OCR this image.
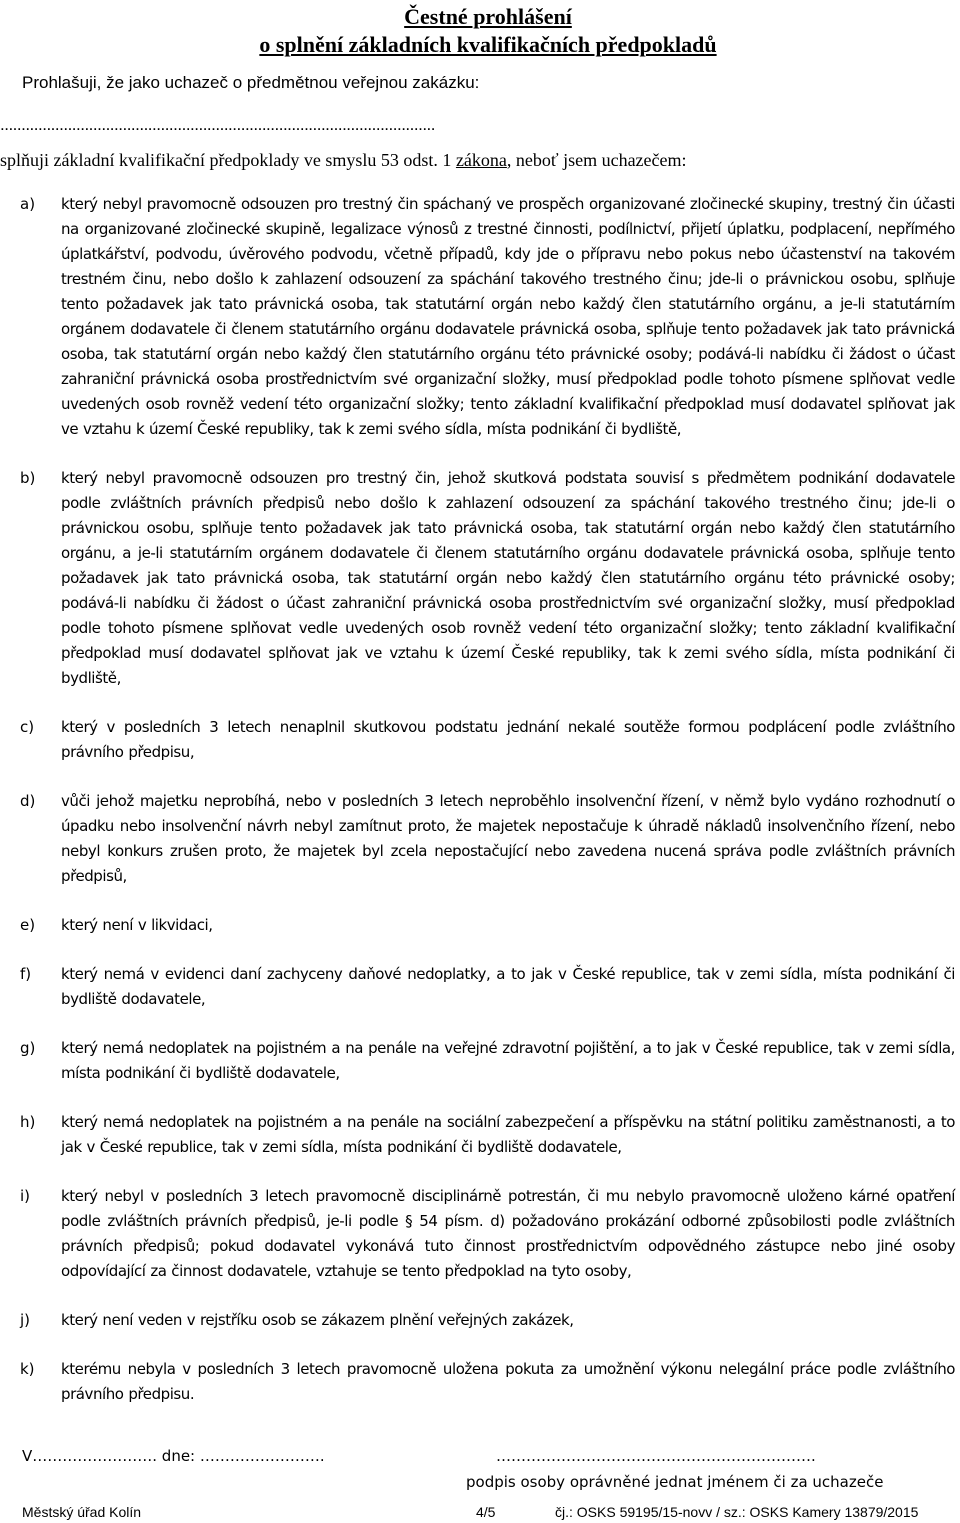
Čestné prohlášení
o splnění základních kvalifikačních předpokladů
Prohlašuji, že jako uchazeč o předmětnou veřejnou zakázku:
.......................................................................................................
splňuji základní kvalifikační předpoklady ve smyslu 53 odst. 1 zákona, neboť jsem uchazečem:
a) který nebyl pravomocně odsouzen pro trestný čin spáchaný ve prospěch organizované zločinecké skupiny, trestný čin účasti na organizované zločinecké skupině, legalizace výnosů z trestné činnosti, podílnictví, přijetí úplatku, podplacení, nepřímého úplatkářství, podvodu, úvěrového podvodu, včetně případů, kdy jde o přípravu nebo pokus nebo účastenství na takovém trestném činu, nebo došlo k zahlazení odsouzení za spáchání takového trestného činu; jde-li o právnickou osobu, splňuje tento požadavek jak tato právnická osoba, tak statutární orgán nebo každý člen statutárního orgánu, a je-li statutárním orgánem dodavatele či členem statutárního orgánu dodavatele právnická osoba, splňuje tento požadavek jak tato právnická osoba, tak statutární orgán nebo každý člen statutárního orgánu této právnické osoby; podává-li nabídku či žádost o účast zahraniční právnická osoba prostřednictvím své organizační složky, musí předpoklad podle tohoto písmene splňovat vedle uvedených osob rovněž vedení této organizační složky; tento základní kvalifikační předpoklad musí dodavatel splňovat jak ve vztahu k území České republiky, tak k zemi svého sídla, místa podnikání či bydliště,
b) který nebyl pravomocně odsouzen pro trestný čin, jehož skutková podstata souvisí s předmětem podnikání dodavatele podle zvláštních právních předpisů nebo došlo k zahlazení odsouzení za spáchání takového trestného činu; jde-li o právnickou osobu, splňuje tento požadavek jak tato právnická osoba, tak statutární orgán nebo každý člen statutárního orgánu, a je-li statutárním orgánem dodavatele či členem statutárního orgánu dodavatele právnická osoba, splňuje tento požadavek jak tato právnická osoba, tak statutární orgán nebo každý člen statutárního orgánu této právnické osoby; podává-li nabídku či žádost o účast zahraniční právnická osoba prostřednictvím své organizační složky, musí předpoklad podle tohoto písmene splňovat vedle uvedených osob rovněž vedení této organizační složky; tento základní kvalifikační předpoklad musí dodavatel splňovat jak ve vztahu k území České republiky, tak k zemi svého sídla, místa podnikání či bydliště,
c) který v posledních 3 letech nenaplnil skutkovou podstatu jednání nekalé soutěže formou podplácení podle zvláštního právního předpisu,
d) vůči jehož majetku neprobíhá, nebo v posledních 3 letech neproběhlo insolvenční řízení, v němž bylo vydáno rozhodnutí o úpadku nebo insolvenční návrh nebyl zamítnut proto, že majetek nepostačuje k úhradě nákladů insolvenčního řízení, nebo nebyl konkurs zrušen proto, že majetek byl zcela nepostačující nebo zavedena nucená správa podle zvláštních právních předpisů,
e) který není v likvidaci,
f) který nemá v evidenci daní zachyceny daňové nedoplatky, a to jak v České republice, tak v zemi sídla, místa podnikání či bydliště dodavatele,
g) který nemá nedoplatek na pojistném a na penále na veřejné zdravotní pojištění, a to jak v České republice, tak v zemi sídla, místa podnikání či bydliště dodavatele,
h) který nemá nedoplatek na pojistném a na penále na sociální zabezpečení a příspěvku na státní politiku zaměstnanosti, a to jak v České republice, tak v zemi sídla, místa podnikání či bydliště dodavatele,
i) který nebyl v posledních 3 letech pravomocně disciplinárně potrestán, či mu nebylo pravomocně uloženo kárné opatření podle zvláštních právních předpisů, je-li podle § 54 písm. d) požadováno prokázání odborné způsobilosti podle zvláštních právních předpisů; pokud dodavatel vykonává tuto činnost prostřednictvím odpovědného zástupce nebo jiné osoby odpovídající za činnost dodavatele, vztahuje se tento předpoklad na tyto osoby,
j) který není veden v rejstříku osob se zákazem plnění veřejných zakázek,
k) kterému nebyla v posledních 3 letech pravomocně uložena pokuta za umožnění výkonu nelegální práce podle zvláštního právního předpisu.
V……………………. dne: …………………….	……………………………………………………….
podpis osoby oprávněné jednat jménem či za uchazeče
Městský úřad Kolín	4/5	čj.: OSKS 59195/15-novv / sz.: OSKS Kamery 13879/2015
